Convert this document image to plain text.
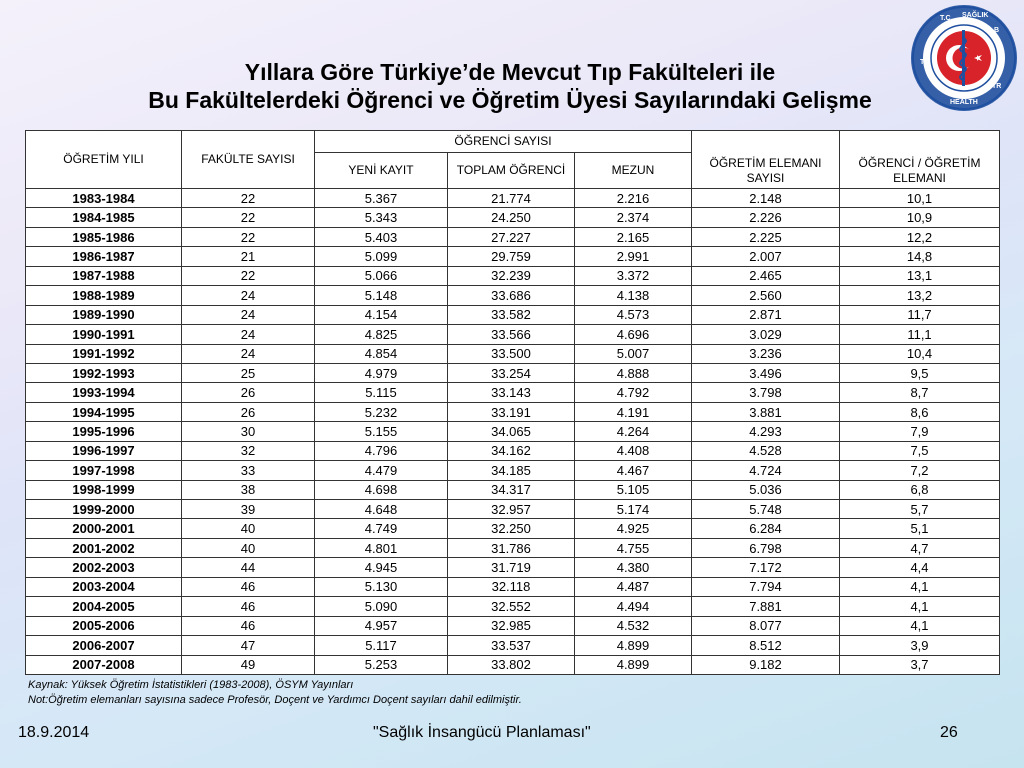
Yıllara Göre Türkiye’de Mevcut Tıp Fakülteleri ile
Bu Fakültelerdeki Öğrenci ve Öğretim Üyesi Sayılarındaki Gelişme
T.C. SAĞLIK
B
T
HEALTH
TR
ÖĞRETİM YILI	FAKÜLTE SAYISI	ÖĞRENCİ SAYISI			ÖĞRETİM ELEMANI SAYISI	ÖĞRENCİ / ÖĞRETİM ELEMANI
		YENİ KAYIT	TOPLAM ÖĞRENCİ	MEZUN		
1983-1984	22	5.367	21.774	2.216	2.148	10,1
1984-1985	22	5.343	24.250	2.374	2.226	10,9
1985-1986	22	5.403	27.227	2.165	2.225	12,2
1986-1987	21	5.099	29.759	2.991	2.007	14,8
1987-1988	22	5.066	32.239	3.372	2.465	13,1
1988-1989	24	5.148	33.686	4.138	2.560	13,2
1989-1990	24	4.154	33.582	4.573	2.871	11,7
1990-1991	24	4.825	33.566	4.696	3.029	11,1
1991-1992	24	4.854	33.500	5.007	3.236	10,4
1992-1993	25	4.979	33.254	4.888	3.496	9,5
1993-1994	26	5.115	33.143	4.792	3.798	8,7
1994-1995	26	5.232	33.191	4.191	3.881	8,6
1995-1996	30	5.155	34.065	4.264	4.293	7,9
1996-1997	32	4.796	34.162	4.408	4.528	7,5
1997-1998	33	4.479	34.185	4.467	4.724	7,2
1998-1999	38	4.698	34.317	5.105	5.036	6,8
1999-2000	39	4.648	32.957	5.174	5.748	5,7
2000-2001	40	4.749	32.250	4.925	6.284	5,1
2001-2002	40	4.801	31.786	4.755	6.798	4,7
2002-2003	44	4.945	31.719	4.380	7.172	4,4
2003-2004	46	5.130	32.118	4.487	7.794	4,1
2004-2005	46	5.090	32.552	4.494	7.881	4,1
2005-2006	46	4.957	32.985	4.532	8.077	4,1
2006-2007	47	5.117	33.537	4.899	8.512	3,9
2007-2008	49	5.253	33.802	4.899	9.182	3,7
Kaynak: Yüksek Öğretim İstatistikleri (1983-2008), ÖSYM Yayınları
Not:Öğretim elemanları sayısına sadece Profesör, Doçent ve Yardımcı Doçent sayıları dahil edilmiştir.
18.9.2014	"Sağlık İnsangücü Planlaması"	26
